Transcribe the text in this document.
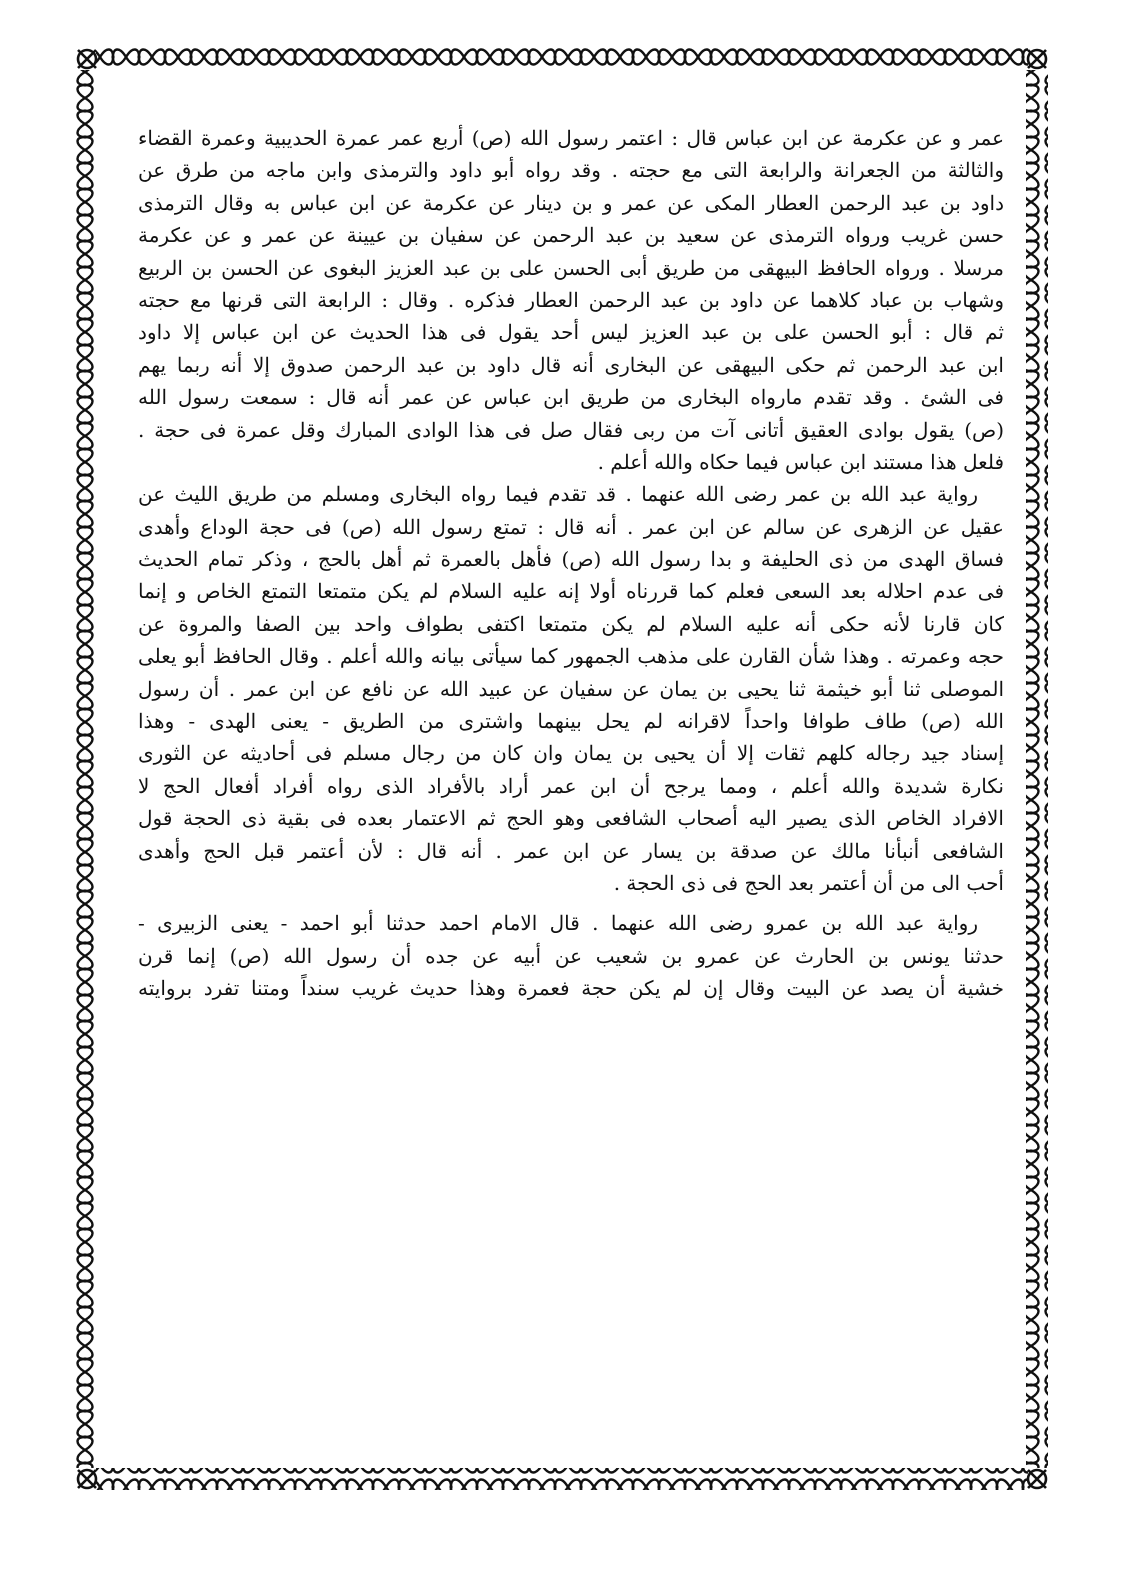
عمر و عن عكرمة عن ابن عباس قال : اعتمر رسول الله (ص) أربع عمر عمرة الحديبية وعمرة القضاء
والثالثة من الجعرانة والرابعة التى مع حجته . وقد رواه أبو داود والترمذى وابن ماجه من طرق عن
داود بن عبد الرحمن العطار المكى عن عمر و بن دينار عن عكرمة عن ابن عباس به وقال الترمذى
حسن غريب ورواه الترمذى عن سعيد بن عبد الرحمن عن سفيان بن عيينة عن عمر و عن عكرمة
مرسلا . ورواه الحافظ البيهقى من طريق أبى الحسن على بن عبد العزيز البغوى عن الحسن بن الربيع
وشهاب بن عباد كلاهما عن داود بن عبد الرحمن العطار فذكره . وقال : الرابعة التى قرنها مع حجته
ثم قال : أبو الحسن على بن عبد العزيز ليس أحد يقول فى هذا الحديث عن ابن عباس إلا داود
ابن عبد الرحمن ثم حكى البيهقى عن البخارى أنه قال داود بن عبد الرحمن صدوق إلا أنه ربما يهم
فى الشئ . وقد تقدم مارواه البخارى من طريق ابن عباس عن عمر أنه قال : سمعت رسول الله
(ص) يقول بوادى العقيق أتانى آت من ربى فقال صل فى هذا الوادى المبارك وقل عمرة فى حجة .
فلعل هذا مستند ابن عباس فيما حكاه والله أعلم .
رواية عبد الله بن عمر رضى الله عنهما . قد تقدم فيما رواه البخارى ومسلم من طريق الليث عن
عقيل عن الزهرى عن سالم عن ابن عمر . أنه قال : تمتع رسول الله (ص) فى حجة الوداع وأهدى
فساق الهدى من ذى الحليفة و بدا رسول الله (ص) فأهل بالعمرة ثم أهل بالحج ، وذكر تمام الحديث
فى عدم احلاله بعد السعى فعلم كما قررناه أولا إنه عليه السلام لم يكن متمتعا التمتع الخاص و إنما
كان قارنا لأنه حكى أنه عليه السلام لم يكن متمتعا اكتفى بطواف واحد بين الصفا والمروة عن
حجه وعمرته . وهذا شأن القارن على مذهب الجمهور كما سيأتى بيانه والله أعلم . وقال الحافظ أبو يعلى
الموصلى ثنا أبو خيثمة ثنا يحيى بن يمان عن سفيان عن عبيد الله عن نافع عن ابن عمر . أن رسول
الله (ص) طاف طوافا واحداً لاقرانه لم يحل بينهما واشترى من الطريق - يعنى الهدى - وهذا
إسناد جيد رجاله كلهم ثقات إلا أن يحيى بن يمان وان كان من رجال مسلم فى أحاديثه عن الثورى
نكارة شديدة والله أعلم ، ومما يرجح أن ابن عمر أراد بالأفراد الذى رواه أفراد أفعال الحج لا
الافراد الخاص الذى يصير اليه أصحاب الشافعى وهو الحج ثم الاعتمار بعده فى بقية ذى الحجة قول
الشافعى أنبأنا مالك عن صدقة بن يسار عن ابن عمر . أنه قال : لأن أعتمر قبل الحج وأهدى
أحب الى من أن أعتمر بعد الحج فى ذى الحجة .
رواية عبد الله بن عمرو رضى الله عنهما . قال الامام احمد حدثنا أبو احمد - يعنى الزبيرى -
حدثنا يونس بن الحارث عن عمرو بن شعيب عن أبيه عن جده أن رسول الله (ص) إنما قرن
خشية أن يصد عن البيت وقال إن لم يكن حجة فعمرة وهذا حديث غريب سنداً ومتنا تفرد بروايته
